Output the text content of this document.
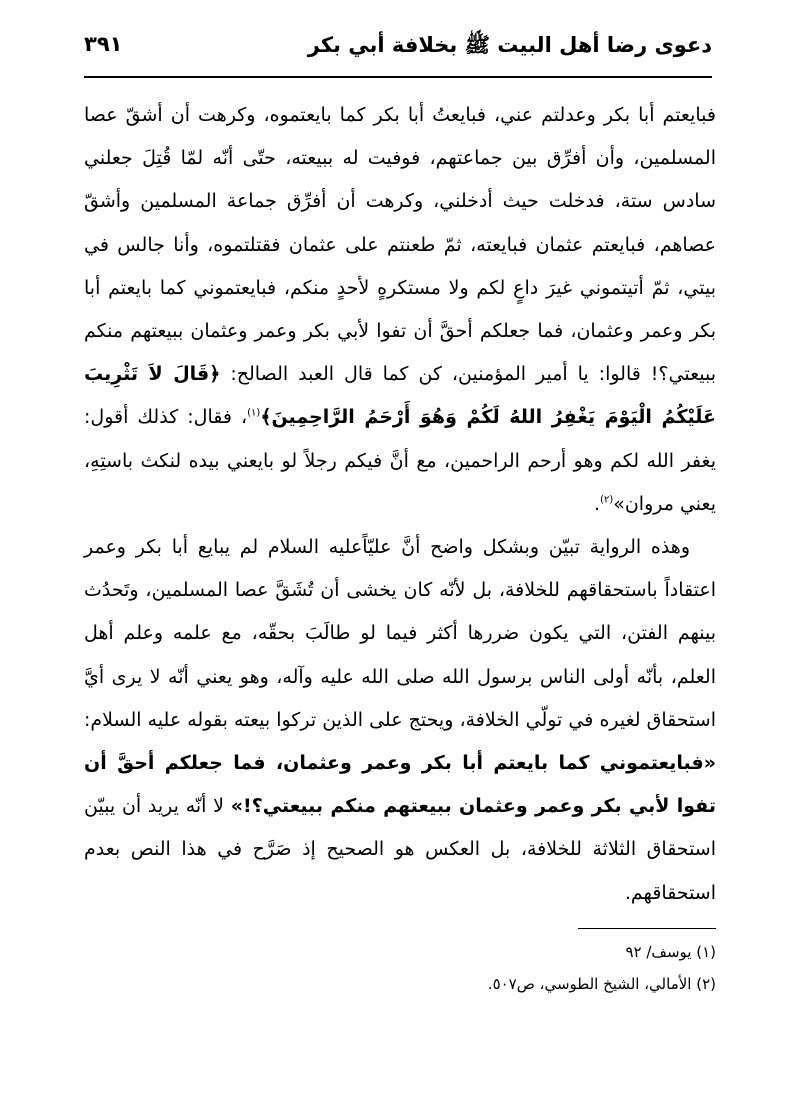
دعوى رضا أهل البيت ﷺ بخلافة أبي بكر
٣٩١

فبايعتم أبا بكر وعدلتم عني، فبايعتُ أبا بكر كما بايعتموه، وكرهت أن أشقّ عصا المسلمين، وأن أفرِّق بين جماعتهم، فوفيت له ببيعته، حتّى أنّه لمّا قُتِلَ جعلني سادس ستة، فدخلت حيث أدخلني، وكرهت أن أفرِّق جماعة المسلمين وأشقّ عصاهم، فبايعتم عثمان فبايعته، ثمّ طعنتم على عثمان فقتلتموه، وأنا جالس في بيتي، ثمّ أتيتموني غيرَ داعٍ لكم ولا مستكرهٍ لأحدٍ منكم، فبايعتموني كما بايعتم أبا بكر وعمر وعثمان، فما جعلكم أحقَّ أن تفوا لأبي بكر وعمر وعثمان ببيعتهم منكم ببيعتي؟! قالوا: يا أمير المؤمنين، كن كما قال العبد الصالح: ﴿قَالَ لاَ تَثْرِيبَ عَلَيْكُمُ الْيَوْمَ يَغْفِرُ اللهُ لَكُمْ وَهُوَ أَرْحَمُ الرَّاحِمِينَ﴾$^{(١)}$، فقال: كذلك أقول: يغفر الله لكم وهو أرحم الراحمين، مع أنَّ فيكم رجلاً لو بايعني بيده لنكث باستِهِ، يعني مروان»$^{(٢)}$.

وهذه الرواية تبيّن وبشكل واضح أنَّ عليّاًعليه السلام لم يبايع أبا بكر وعمر اعتقاداً باستحقاقهم للخلافة، بل لأنّه كان يخشى أن تُشَقَّ عصا المسلمين، وتَحدُث بينهم الفتن، التي يكون ضررها أكثر فيما لو طالَبَ بحقّه، مع علمه وعلم أهل العلم، بأنّه أولى الناس برسول الله صلى الله عليه وآله، وهو يعني أنّه لا يرى أيَّ استحقاق لغيره في تولّي الخلافة، ويحتج على الذين تركوا بيعته بقوله عليه السلام: «فبايعتموني كما بايعتم أبا بكر وعمر وعثمان، فما جعلكم أحقَّ أن تفوا لأبي بكر وعمر وعثمان ببيعتهم منكم ببيعتي؟!» لا أنّه يريد أن يبيّن استحقاق الثلاثة للخلافة، بل العكس هو الصحيح إذ صَرَّح في هذا النص بعدم استحقاقهم.

(١) يوسف/ ٩٢
(٢) الأمالي، الشيخ الطوسي، ص٥٠٧.
